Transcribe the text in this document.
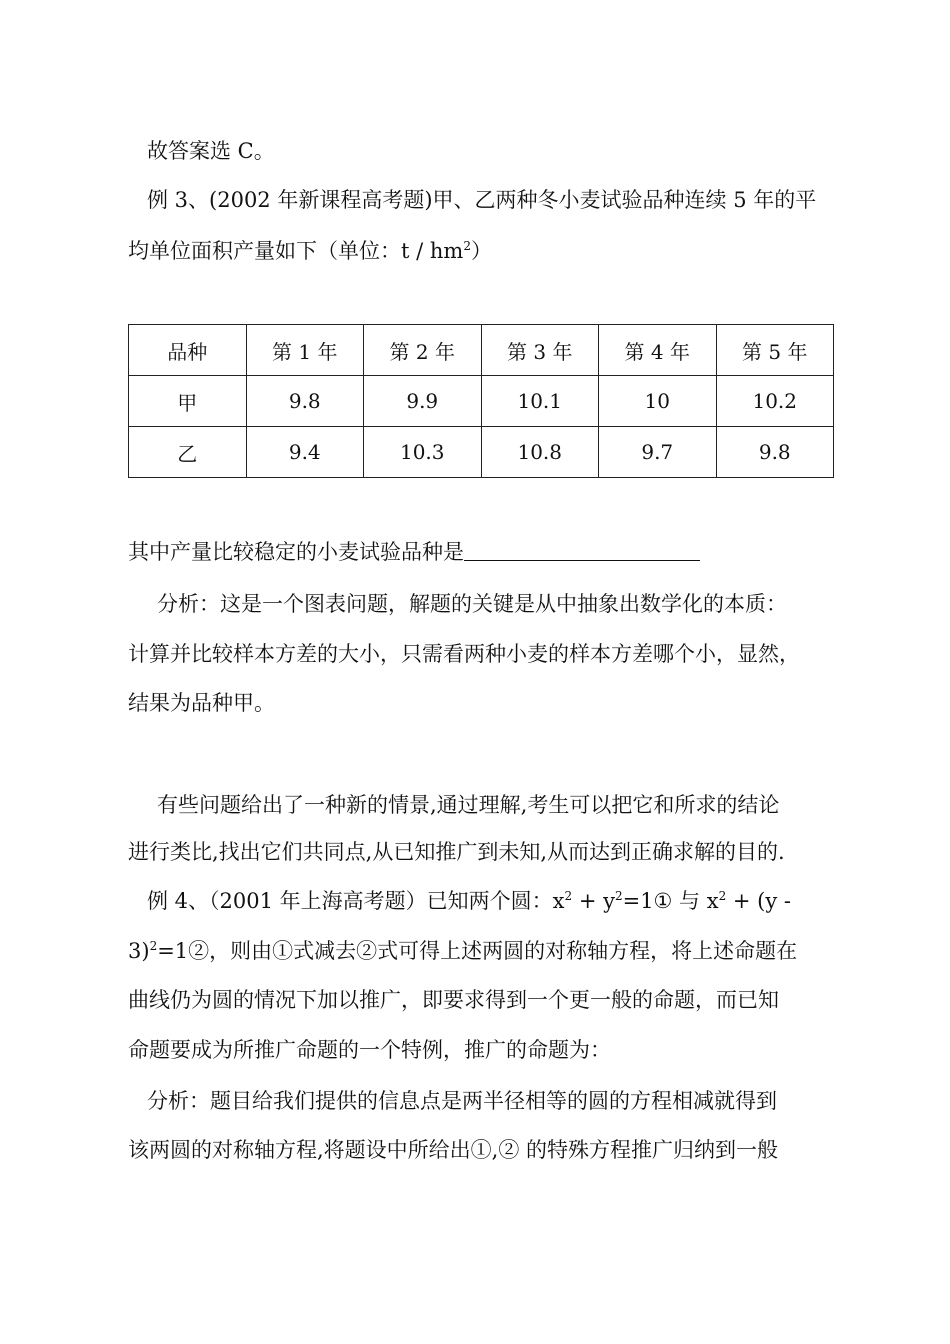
故答案选 C。
例 3、(2002 年新课程高考题)甲、乙两种冬小麦试验品种连续 5 年的平
均单位面积产量如下（单位：t / $hm^2$）
品种	第 1 年	第 2 年	第 3 年	第 4 年	第 5 年
甲	9.8	9.9	10.1	10	10.2
乙	9.4	10.3	10.8	9.7	9.8
其中产量比较稳定的小麦试验品种是
分析：这是一个图表问题，解题的关键是从中抽象出数学化的本质：
计算并比较样本方差的大小，只需看两种小麦的样本方差哪个小，显然，
结果为品种甲。
有些问题给出了一种新的情景,通过理解,考生可以把它和所求的结论
进行类比,找出它们共同点,从已知推广到未知,从而达到正确求解的目的.
例 4、（2001 年上海高考题）已知两个圆：$x^2$ + $y^2=1①$ 与 $x^2 + (y$ -
3)$^2$=1②，则由①式减去②式可得上述两圆的对称轴方程，将上述命题在
曲线仍为圆的情况下加以推广，即要求得到一个更一般的命题，而已知
命题要成为所推广命题的一个特例，推广的命题为：
分析：题目给我们提供的信息点是两半径相等的圆的方程相减就得到
该两圆的对称轴方程,将题设中所给出①,② 的特殊方程推广归纳到一般
